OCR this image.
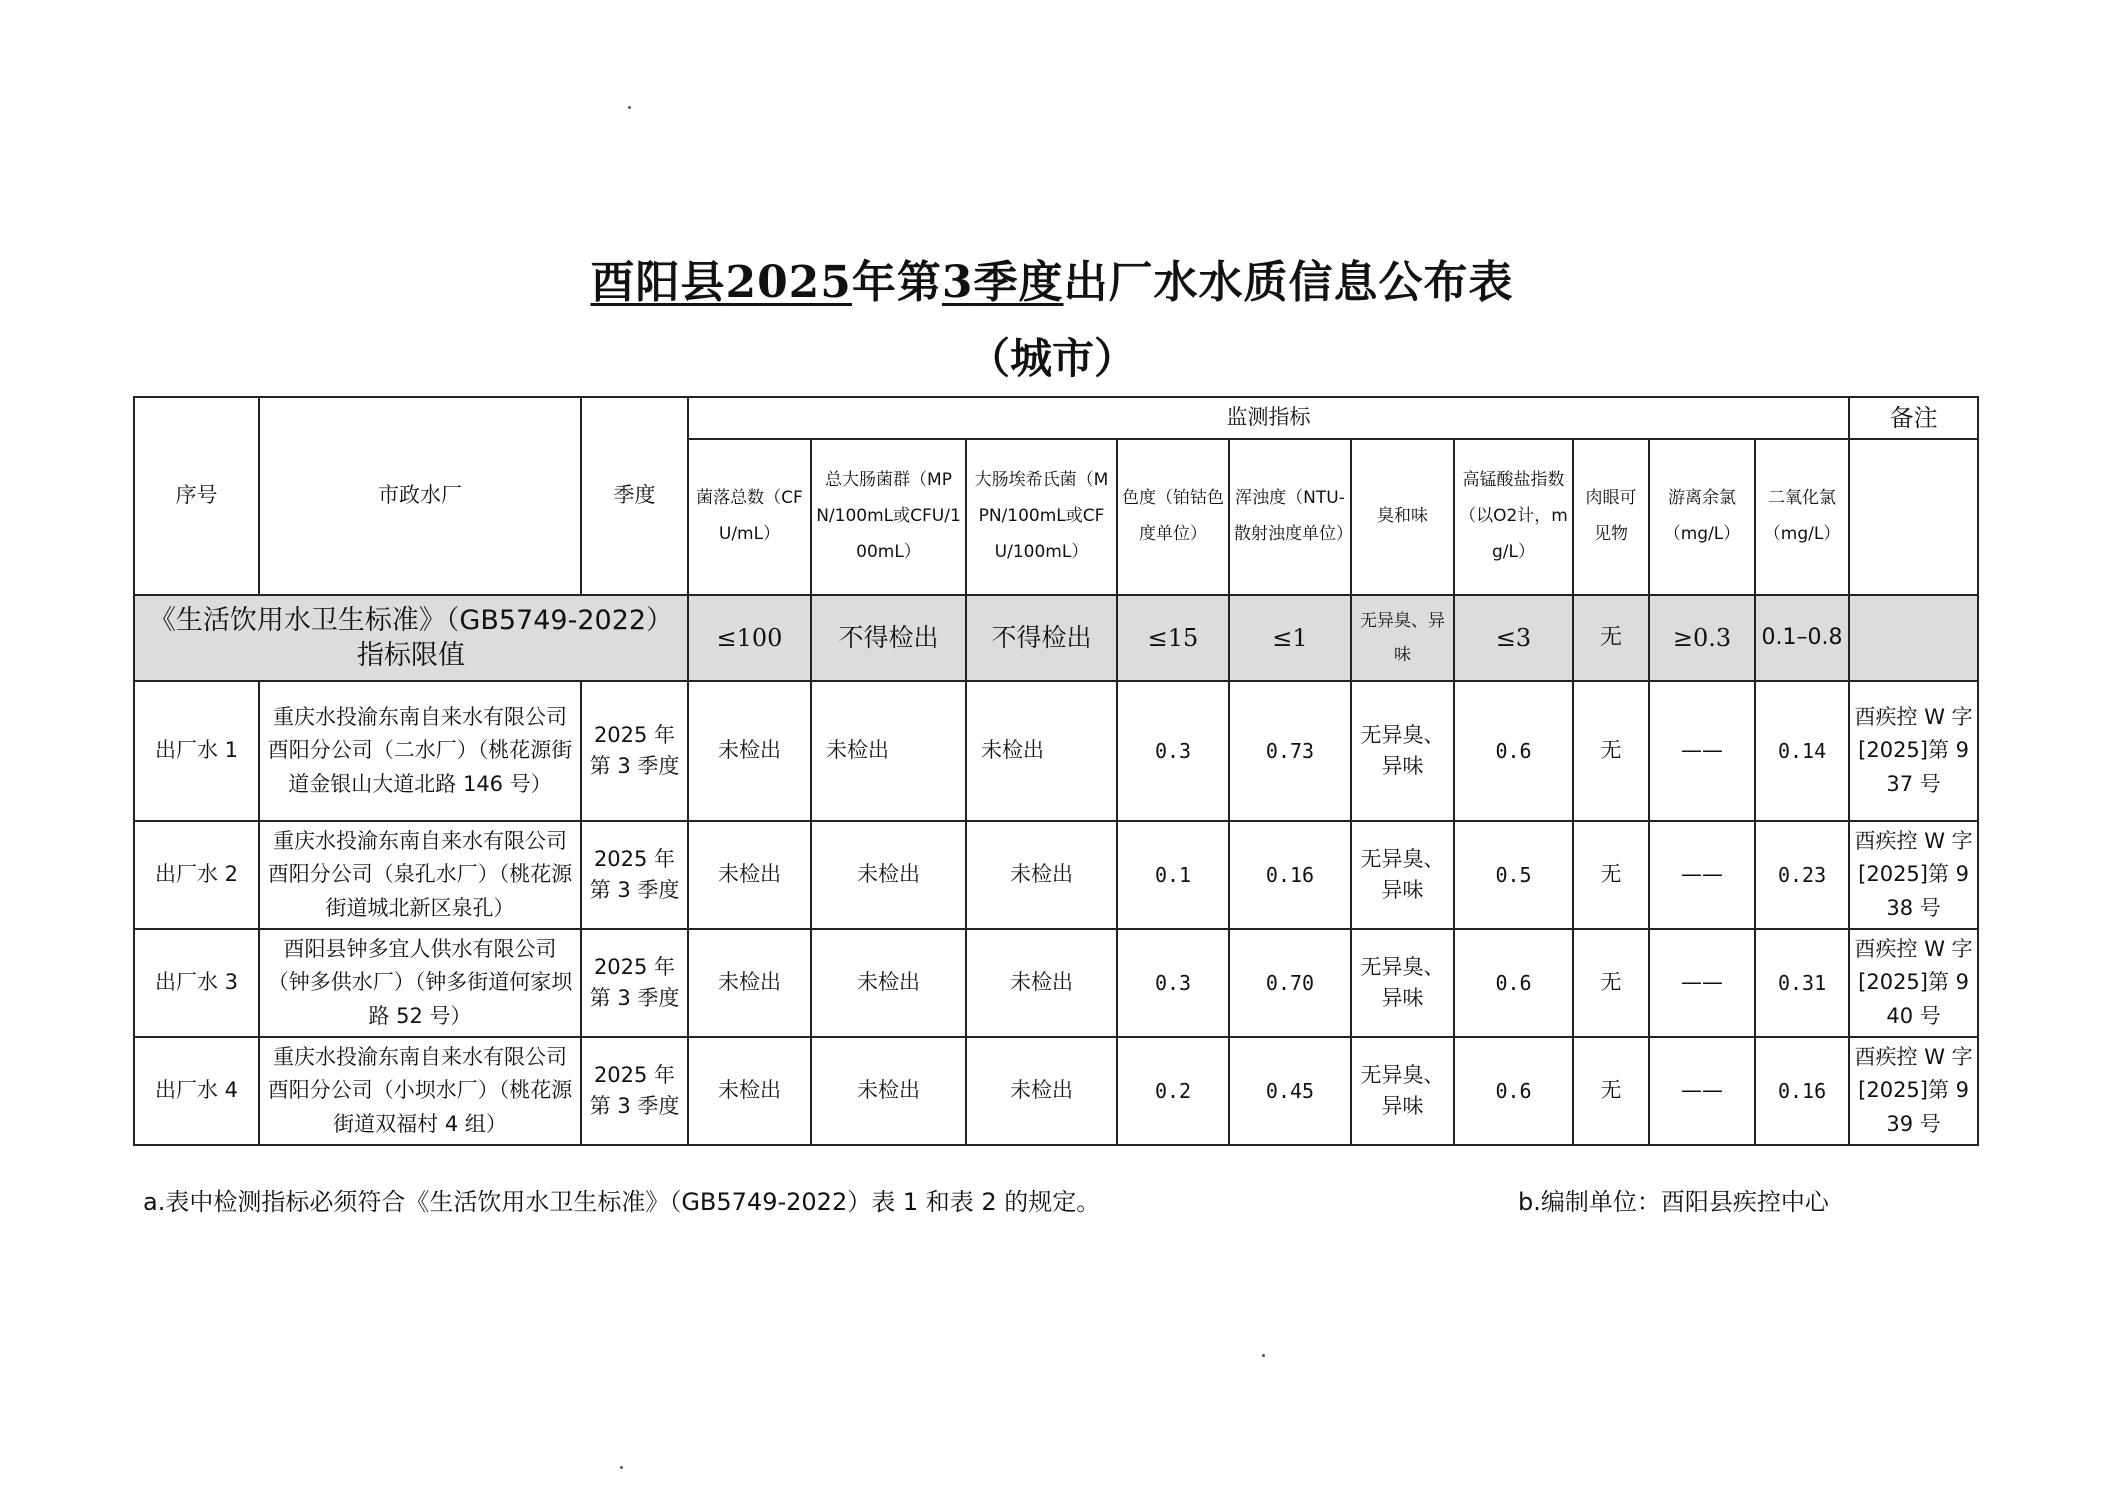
酉阳县2025年第3季度出厂水水质信息公布表
（城市）
序号	市政水厂	季度	监测指标										备注
			菌落总数（CFU/mL）	总大肠菌群（MPN/100mL或CFU/100mL）	大肠埃希氏菌（MPN/100mL或CFU/100mL）	色度（铂钴色度单位）	浑浊度（NTU-散射浊度单位）	臭和味	高锰酸盐指数（以O2计，mg/L）	肉眼可见物	游离余氯（mg/L）	二氧化氯（mg/L）	
《生活饮用水卫生标准》（GB5749-2022）指标限值			≤100	不得检出	不得检出	≤15	≤1	无异臭、异味	≤3	无	≥0.3	0.1–0.8	
出厂水 1	重庆水投渝东南自来水有限公司酉阳分公司（二水厂）（桃花源街道金银山大道北路 146 号）	2025 年第 3 季度	未检出	未检出	未检出	0.3	0.73	无异臭、异味	0.6	无	——	0.14	酉疾控 W 字[2025]第 937 号
出厂水 2	重庆水投渝东南自来水有限公司酉阳分公司（泉孔水厂）（桃花源街道城北新区泉孔）	2025 年第 3 季度	未检出	未检出	未检出	0.1	0.16	无异臭、异味	0.5	无	——	0.23	酉疾控 W 字[2025]第 938 号
出厂水 3	酉阳县钟多宜人供水有限公司（钟多供水厂）（钟多街道何家坝路 52 号）	2025 年第 3 季度	未检出	未检出	未检出	0.3	0.70	无异臭、异味	0.6	无	——	0.31	酉疾控 W 字[2025]第 940 号
出厂水 4	重庆水投渝东南自来水有限公司酉阳分公司（小坝水厂）（桃花源街道双福村 4 组）	2025 年第 3 季度	未检出	未检出	未检出	0.2	0.45	无异臭、异味	0.6	无	——	0.16	酉疾控 W 字[2025]第 939 号
a.表中检测指标必须符合《生活饮用水卫生标准》（GB5749-2022）表 1 和表 2 的规定。	b.编制单位：酉阳县疾控中心
